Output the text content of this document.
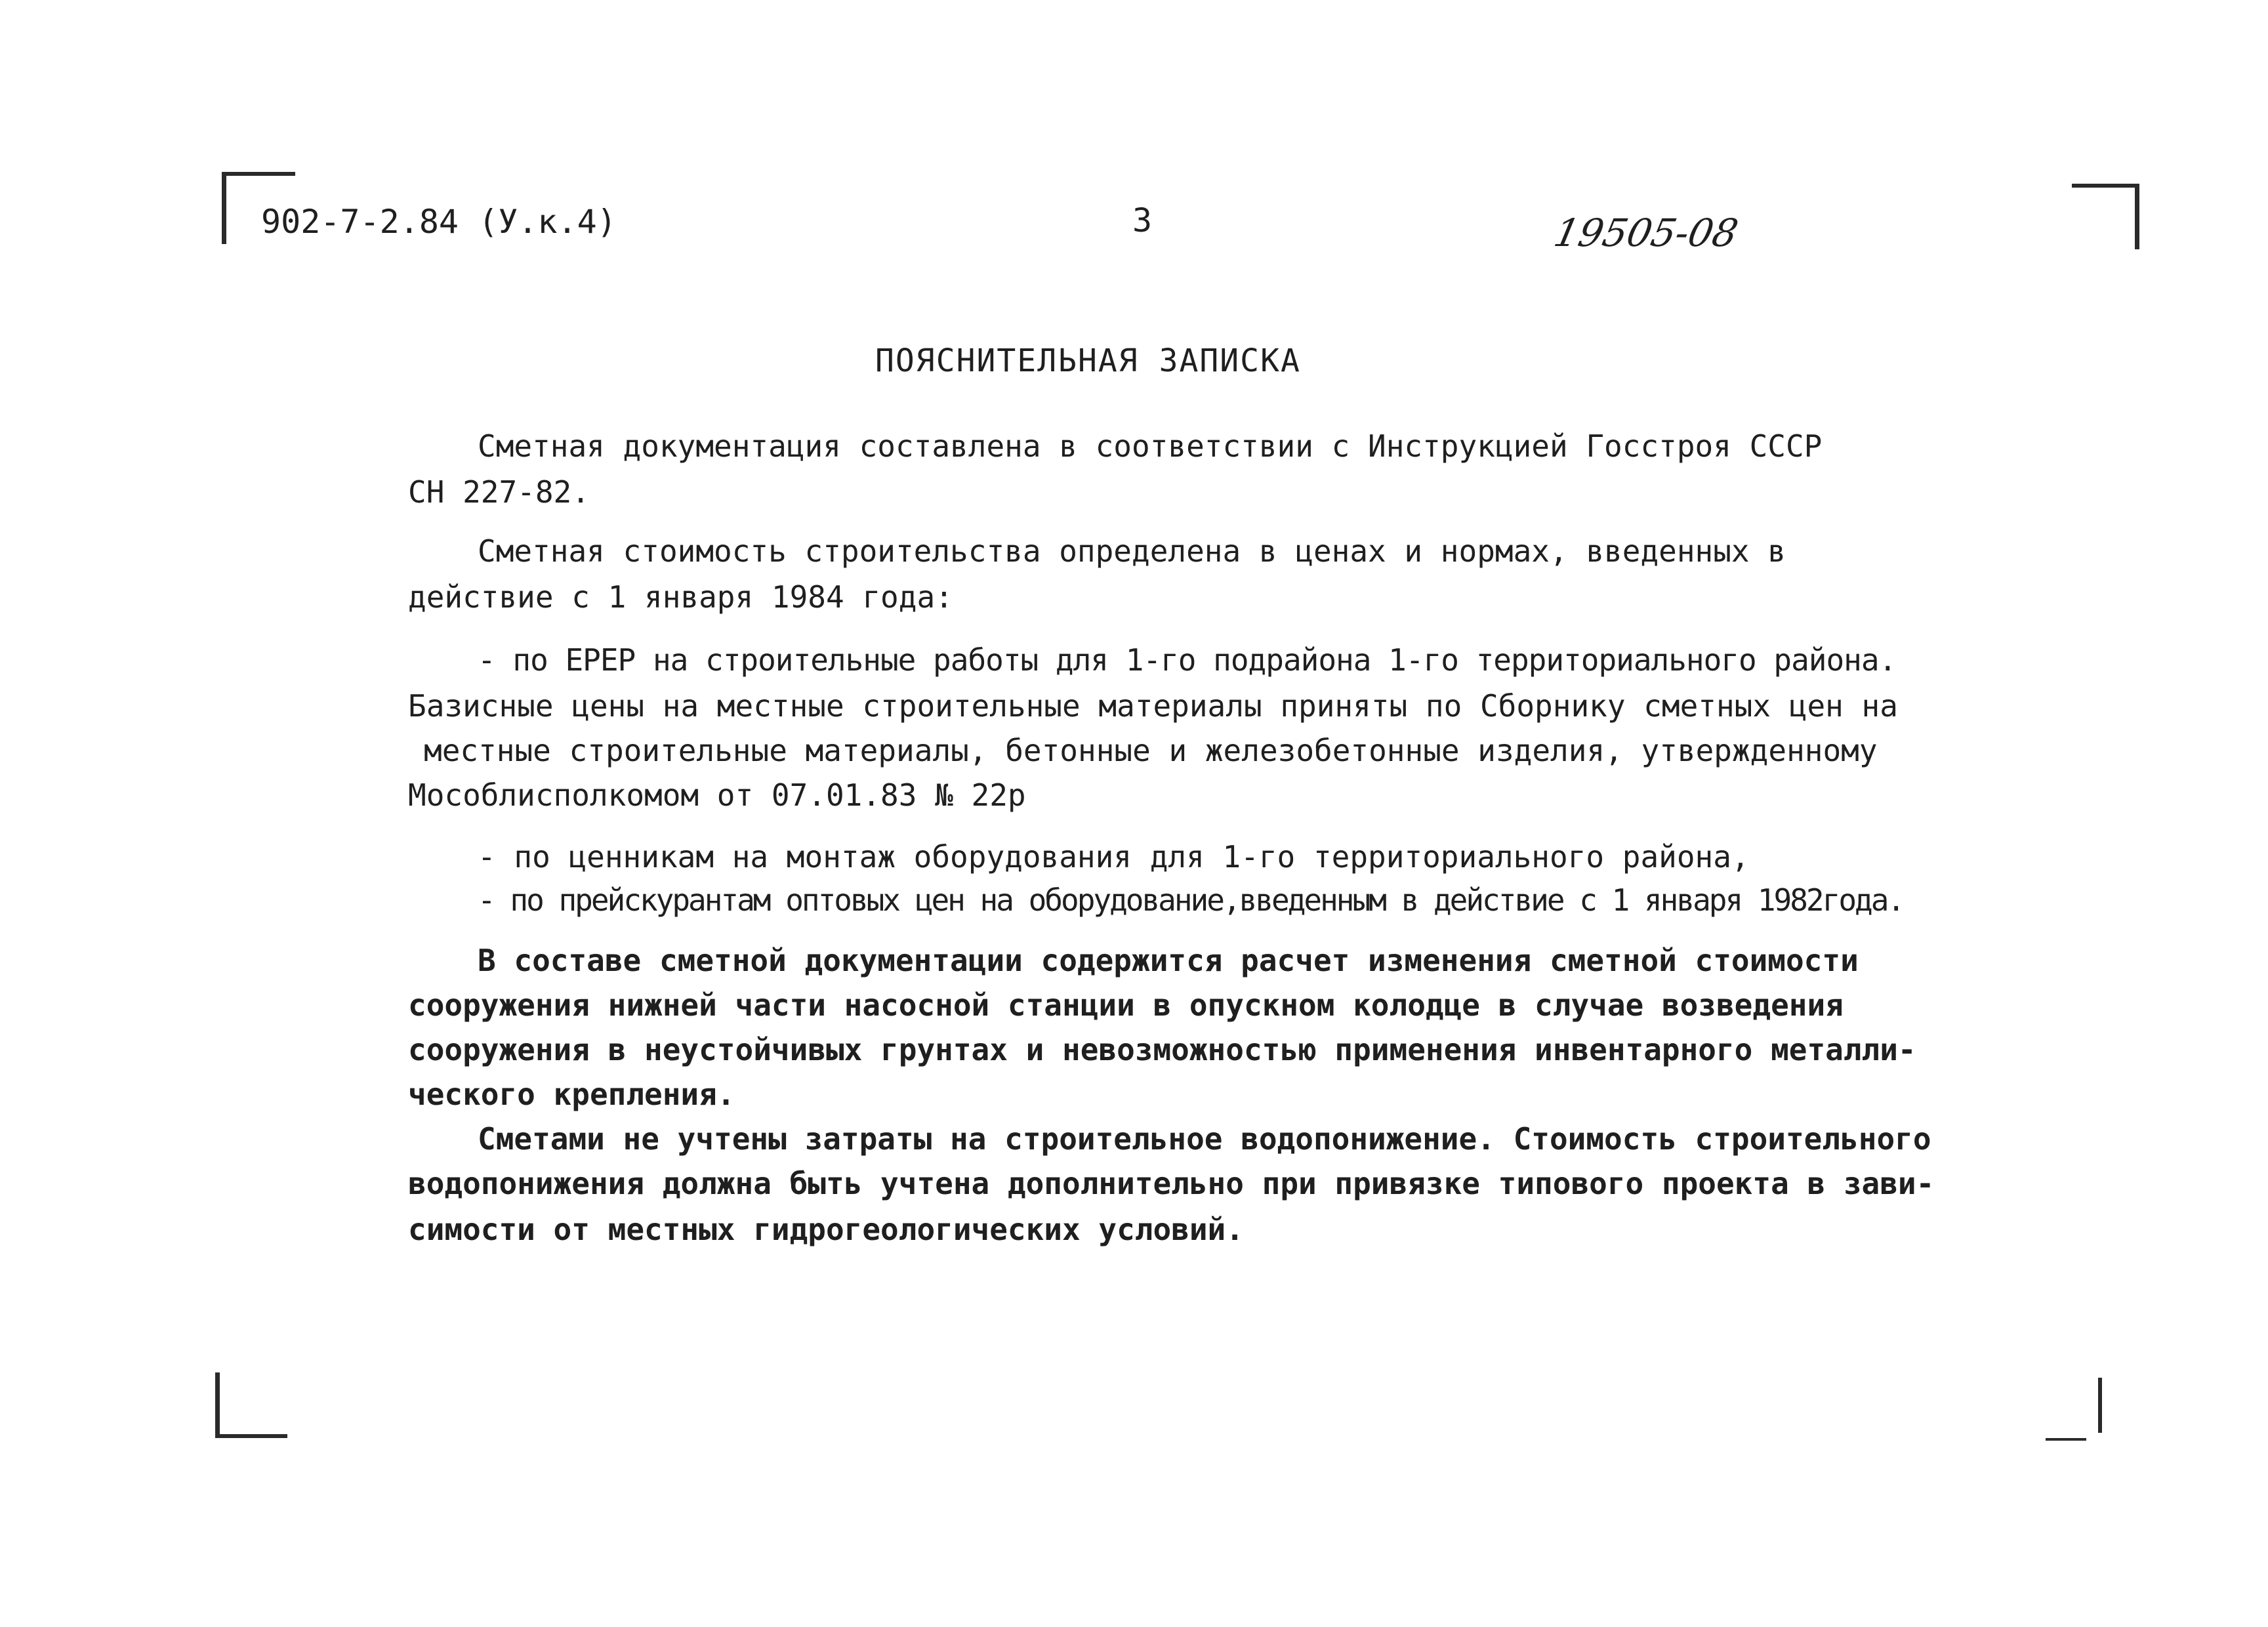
902-7-2.84 (У.к.4)	3	19505-08
ПОЯСНИТЕЛЬНАЯ ЗАПИСКА
Сметная документация составлена в соответствии с Инструкцией Госстроя СССР
СН 227-82.
Сметная стоимость строительства определена в ценах и нормах, введенных в
действие с 1 января 1984 года:
- по ЕРЕР на строительные работы для 1-го подрайона 1-го территориального района.
Базисные цены на местные строительные материалы приняты по Сборнику сметных цен на
местные строительные материалы, бетонные и железобетонные изделия, утвержденному
Мособлисполкомом от 07.01.83 № 22р
- по ценникам на монтаж оборудования для 1-го территориального района,
- по прейскурантам оптовых цен на оборудование,введенным в действие с 1 января 1982года.
В составе сметной документации содержится расчет изменения сметной стоимости
сооружения нижней части насосной станции в опускном колодце в случае возведения
сооружения в неустойчивых грунтах и невозможностью применения инвентарного металли-
ческого крепления.
Сметами не учтены затраты на строительное водопонижение. Стоимость строительного
водопонижения должна быть учтена дополнительно при привязке типового проекта в зави-
симости от местных гидрогеологических условий.
